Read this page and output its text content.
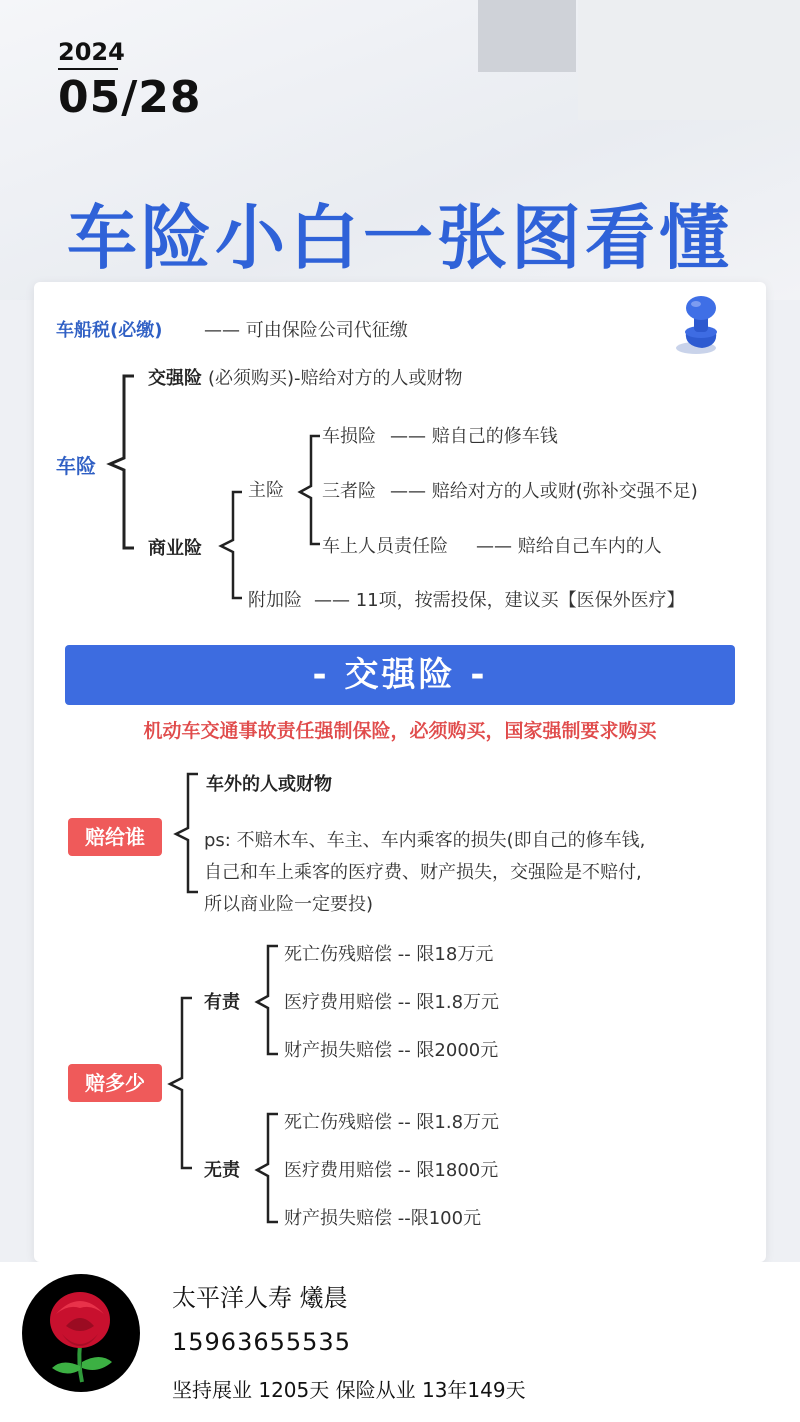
2024
05/28
车险小白一张图看懂
车船税(必缴) —— 可由保险公司代征缴
车险
交强险 (必须购买)-赔给对方的人或财物
商业险
主险
车损险 —— 赔自己的修车钱
三者险 —— 赔给对方的人或财(弥补交强不足)
车上人员责任险 —— 赔给自己车内的人
附加险 —— 11项，按需投保，建议买【医保外医疗】
- 交强险 -
机动车交通事故责任强制保险，必须购买，国家强制要求购买
赔给谁
车外的人或财物
ps: 不赔木车、车主、车内乘客的损失(即自己的修车钱,
自己和车上乘客的医疗费、财产损失，交强险是不赔付,
所以商业险一定要投)
赔多少
有责
死亡伤残赔偿 -- 限18万元
医疗费用赔偿 -- 限1.8万元
财产损失赔偿 -- 限2000元
无责
死亡伤残赔偿 -- 限1.8万元
医疗费用赔偿 -- 限1800元
财产损失赔偿 --限100元
太平洋人寿 爔晨
15963655535
坚持展业 1205天 保险从业 13年149天
